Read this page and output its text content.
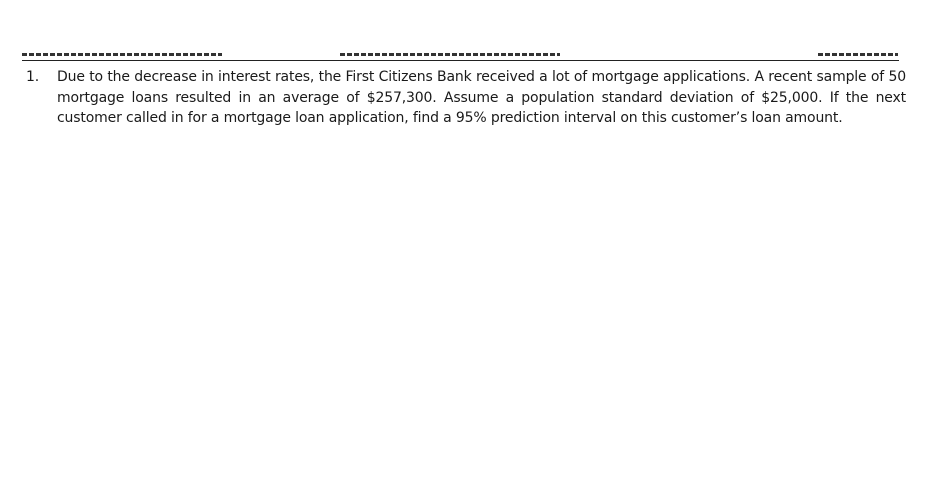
1.	Due to the decrease in interest rates, the First Citizens Bank received a lot of mortgage applications. A recent sample of 50 mortgage loans resulted in an average of $257,300. Assume a population standard deviation of $25,000. If the next customer called in for a mortgage loan application, find a 95% prediction interval on this customer’s loan amount.
